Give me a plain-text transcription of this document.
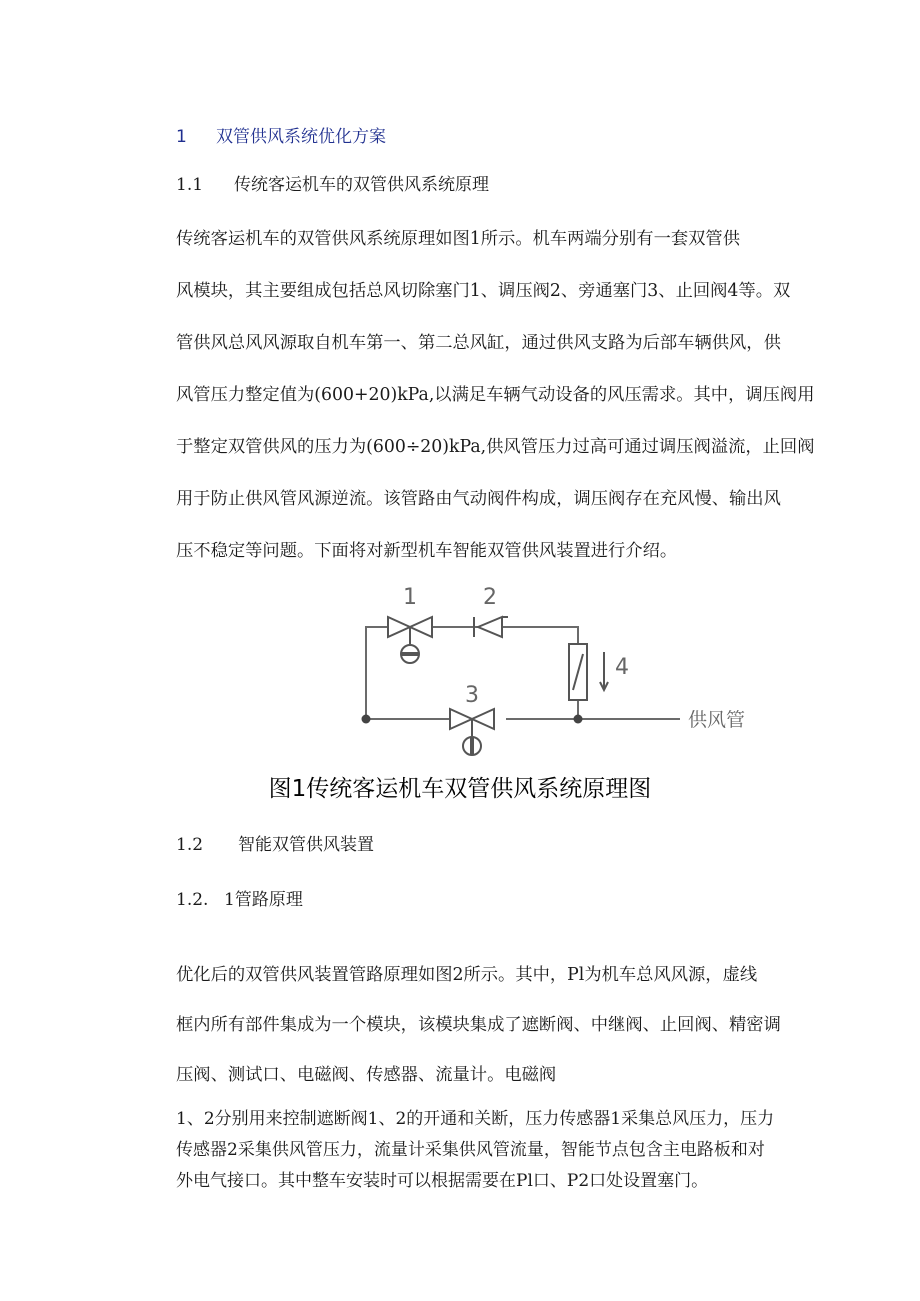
1 双管供风系统优化方案
1.1 传统客运机车的双管供风系统原理
传统客运机车的双管供风系统原理如图1所示。机车两端分别有一套双管供
风模块，其主要组成包括总风切除塞门1、调压阀2、旁通塞门3、止回阀4等。双
管供风总风风源取自机车第一、第二总风缸，通过供风支路为后部车辆供风，供
风管压力整定值为(600+20)kPa,以满足车辆气动设备的风压需求。其中，调压阀用
于整定双管供风的压力为(600÷20)kPa,供风管压力过高可通过调压阀溢流，止回阀
用于防止供风管风源逆流。该管路由气动阀件构成，调压阀存在充风慢、输出风
压不稳定等问题。下面将对新型机车智能双管供风装置进行介绍。
1	2
3
4
供风管
图1传统客运机车双管供风系统原理图
1.2 智能双管供风装置
1.2. 1管路原理
优化后的双管供风装置管路原理如图2所示。其中，Pl为机车总风风源，虚线
框内所有部件集成为一个模块，该模块集成了遮断阀、中继阀、止回阀、精密调
压阀、测试口、电磁阀、传感器、流量计。电磁阀
1、2分别用来控制遮断阀1、2的开通和关断，压力传感器1采集总风压力，压力
传感器2采集供风管压力，流量计采集供风管流量，智能节点包含主电路板和对
外电气接口。其中整车安装时可以根据需要在Pl口、P2口处设置塞门。
